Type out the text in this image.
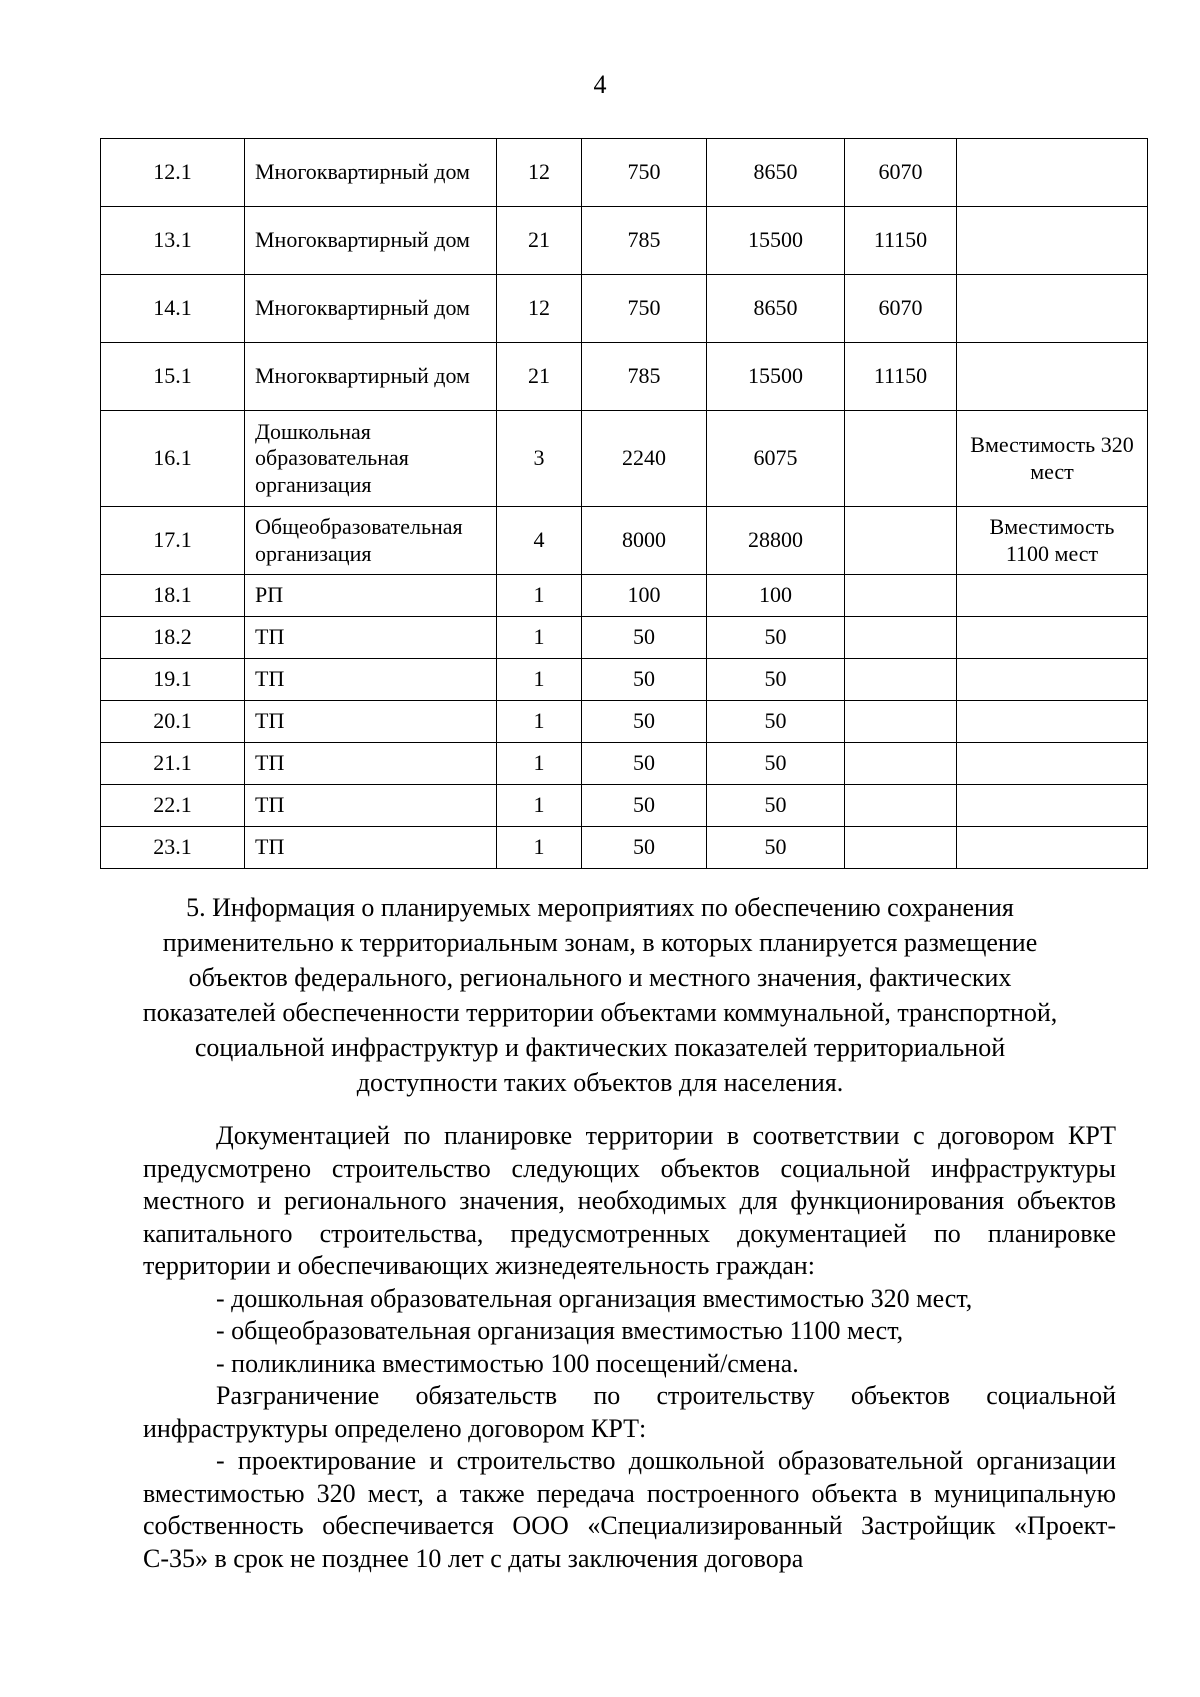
4
12.1	Многоквартирный дом	12	750	8650	6070	
13.1	Многоквартирный дом	21	785	15500	11150	
14.1	Многоквартирный дом	12	750	8650	6070	
15.1	Многоквартирный дом	21	785	15500	11150	
16.1	Дошкольная образовательная организация	3	2240	6075		Вместимость 320 мест
17.1	Общеобразовательная организация	4	8000	28800		Вместимость 1100 мест
18.1	РП	1	100	100		
18.2	ТП	1	50	50		
19.1	ТП	1	50	50		
20.1	ТП	1	50	50		
21.1	ТП	1	50	50		
22.1	ТП	1	50	50		
23.1	ТП	1	50	50		
5. Информация о планируемых мероприятиях по обеспечению сохранения применительно к территориальным зонам, в которых планируется размещение объектов федерального, регионального и местного значения, фактических показателей обеспеченности территории объектами коммунальной, транспортной, социальной инфраструктур и фактических показателей территориальной доступности таких объектов для населения.

Документацией по планировке территории в соответствии с договором КРТ предусмотрено строительство следующих объектов социальной инфраструктуры местного и регионального значения, необходимых для функционирования объектов капитального строительства, предусмотренных документацией по планировке территории и обеспечивающих жизнедеятельность граждан:

- дошкольная образовательная организация вместимостью 320 мест,

- общеобразовательная организация вместимостью 1100 мест,

- поликлиника вместимостью 100 посещений/смена.

Разграничение обязательств по строительству объектов социальной инфраструктуры определено договором КРТ:

- проектирование и строительство дошкольной образовательной организации вместимостью 320 мест, а также передача построенного объекта в муниципальную собственность обеспечивается ООО «Специализированный Застройщик «Проект-С-35» в срок не позднее 10 лет с даты заключения договора
